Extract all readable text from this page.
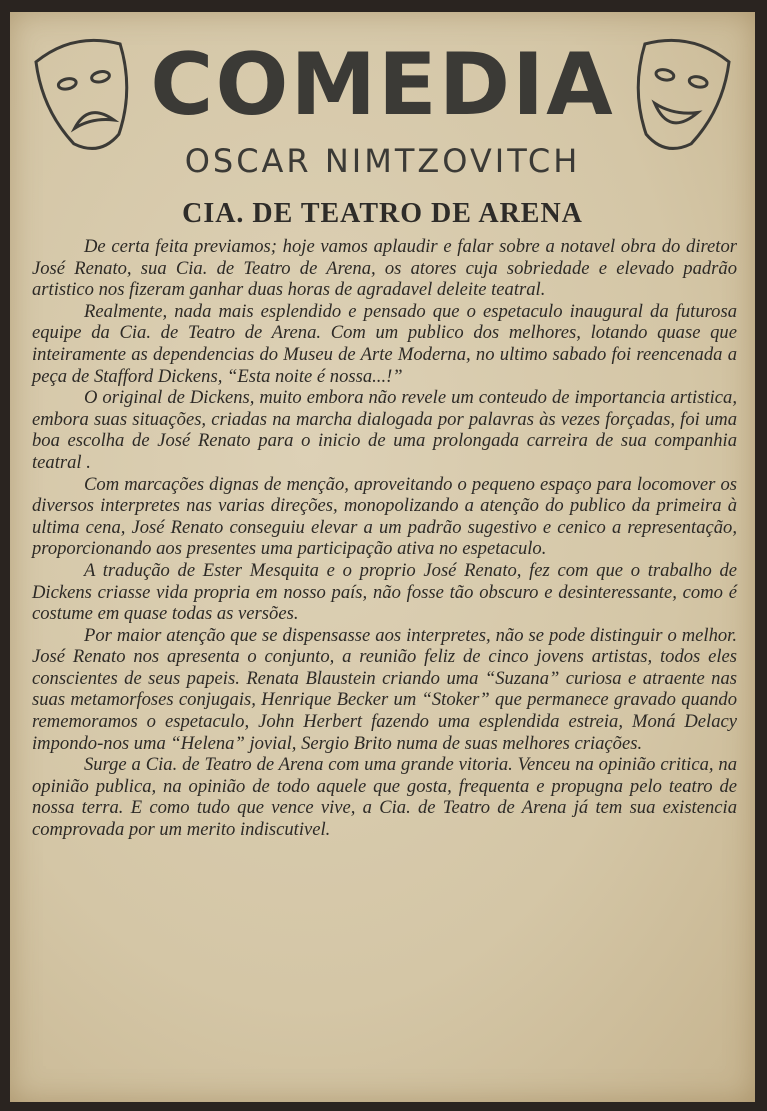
COMEDIA
OSCAR NIMTZOVITCH
CIA. DE TEATRO DE ARENA

De certa feita previamos; hoje vamos aplaudir e falar sobre a notavel obra do diretor José Renato, sua Cia. de Teatro de Arena, os atores cuja sobriedade e elevado padrão artistico nos fizeram ganhar duas horas de agradavel deleite teatral.

Realmente, nada mais esplendido e pensado que o espetaculo inaugural da futurosa equipe da Cia. de Teatro de Arena. Com um publico dos melhores, lotando quase que inteiramente as dependencias do Museu de Arte Moderna, no ultimo sabado foi reencenada a peça de Stafford Dickens, “Esta noite é nossa...!”

O original de Dickens, muito embora não revele um conteudo de importancia artistica, embora suas situações, criadas na marcha dialogada por palavras às vezes forçadas, foi uma boa escolha de José Renato para o inicio de uma prolongada carreira de sua companhia teatral .

Com marcações dignas de menção, aproveitando o pequeno espaço para locomover os diversos interpretes nas varias direções, monopolizando a atenção do publico da primeira à ultima cena, José Renato conseguiu elevar a um padrão sugestivo e cenico a representação, proporcionando aos presentes uma participação ativa no espetaculo.

A tradução de Ester Mesquita e o proprio José Renato, fez com que o trabalho de Dickens criasse vida propria em nosso país, não fosse tão obscuro e desinteressante, como é costume em quase todas as versões.

Por maior atenção que se dispensasse aos interpretes, não se pode distinguir o melhor. José Renato nos apresenta o conjunto, a reunião feliz de cinco jovens artistas, todos eles conscientes de seus papeis. Renata Blaustein criando uma “Suzana” curiosa e atraente nas suas metamorfoses conjugais, Henrique Becker um “Stoker” que permanece gravado quando rememoramos o espetaculo, John Herbert fazendo uma esplendida estreia, Moná Delacy impondo-nos uma “Helena” jovial, Sergio Brito numa de suas melhores criações.

Surge a Cia. de Teatro de Arena com uma grande vitoria. Venceu na opinião critica, na opinião publica, na opinião de todo aquele que gosta, frequenta e propugna pelo teatro de nossa terra. E como tudo que vence vive, a Cia. de Teatro de Arena já tem sua existencia comprovada por um merito indiscutivel.
